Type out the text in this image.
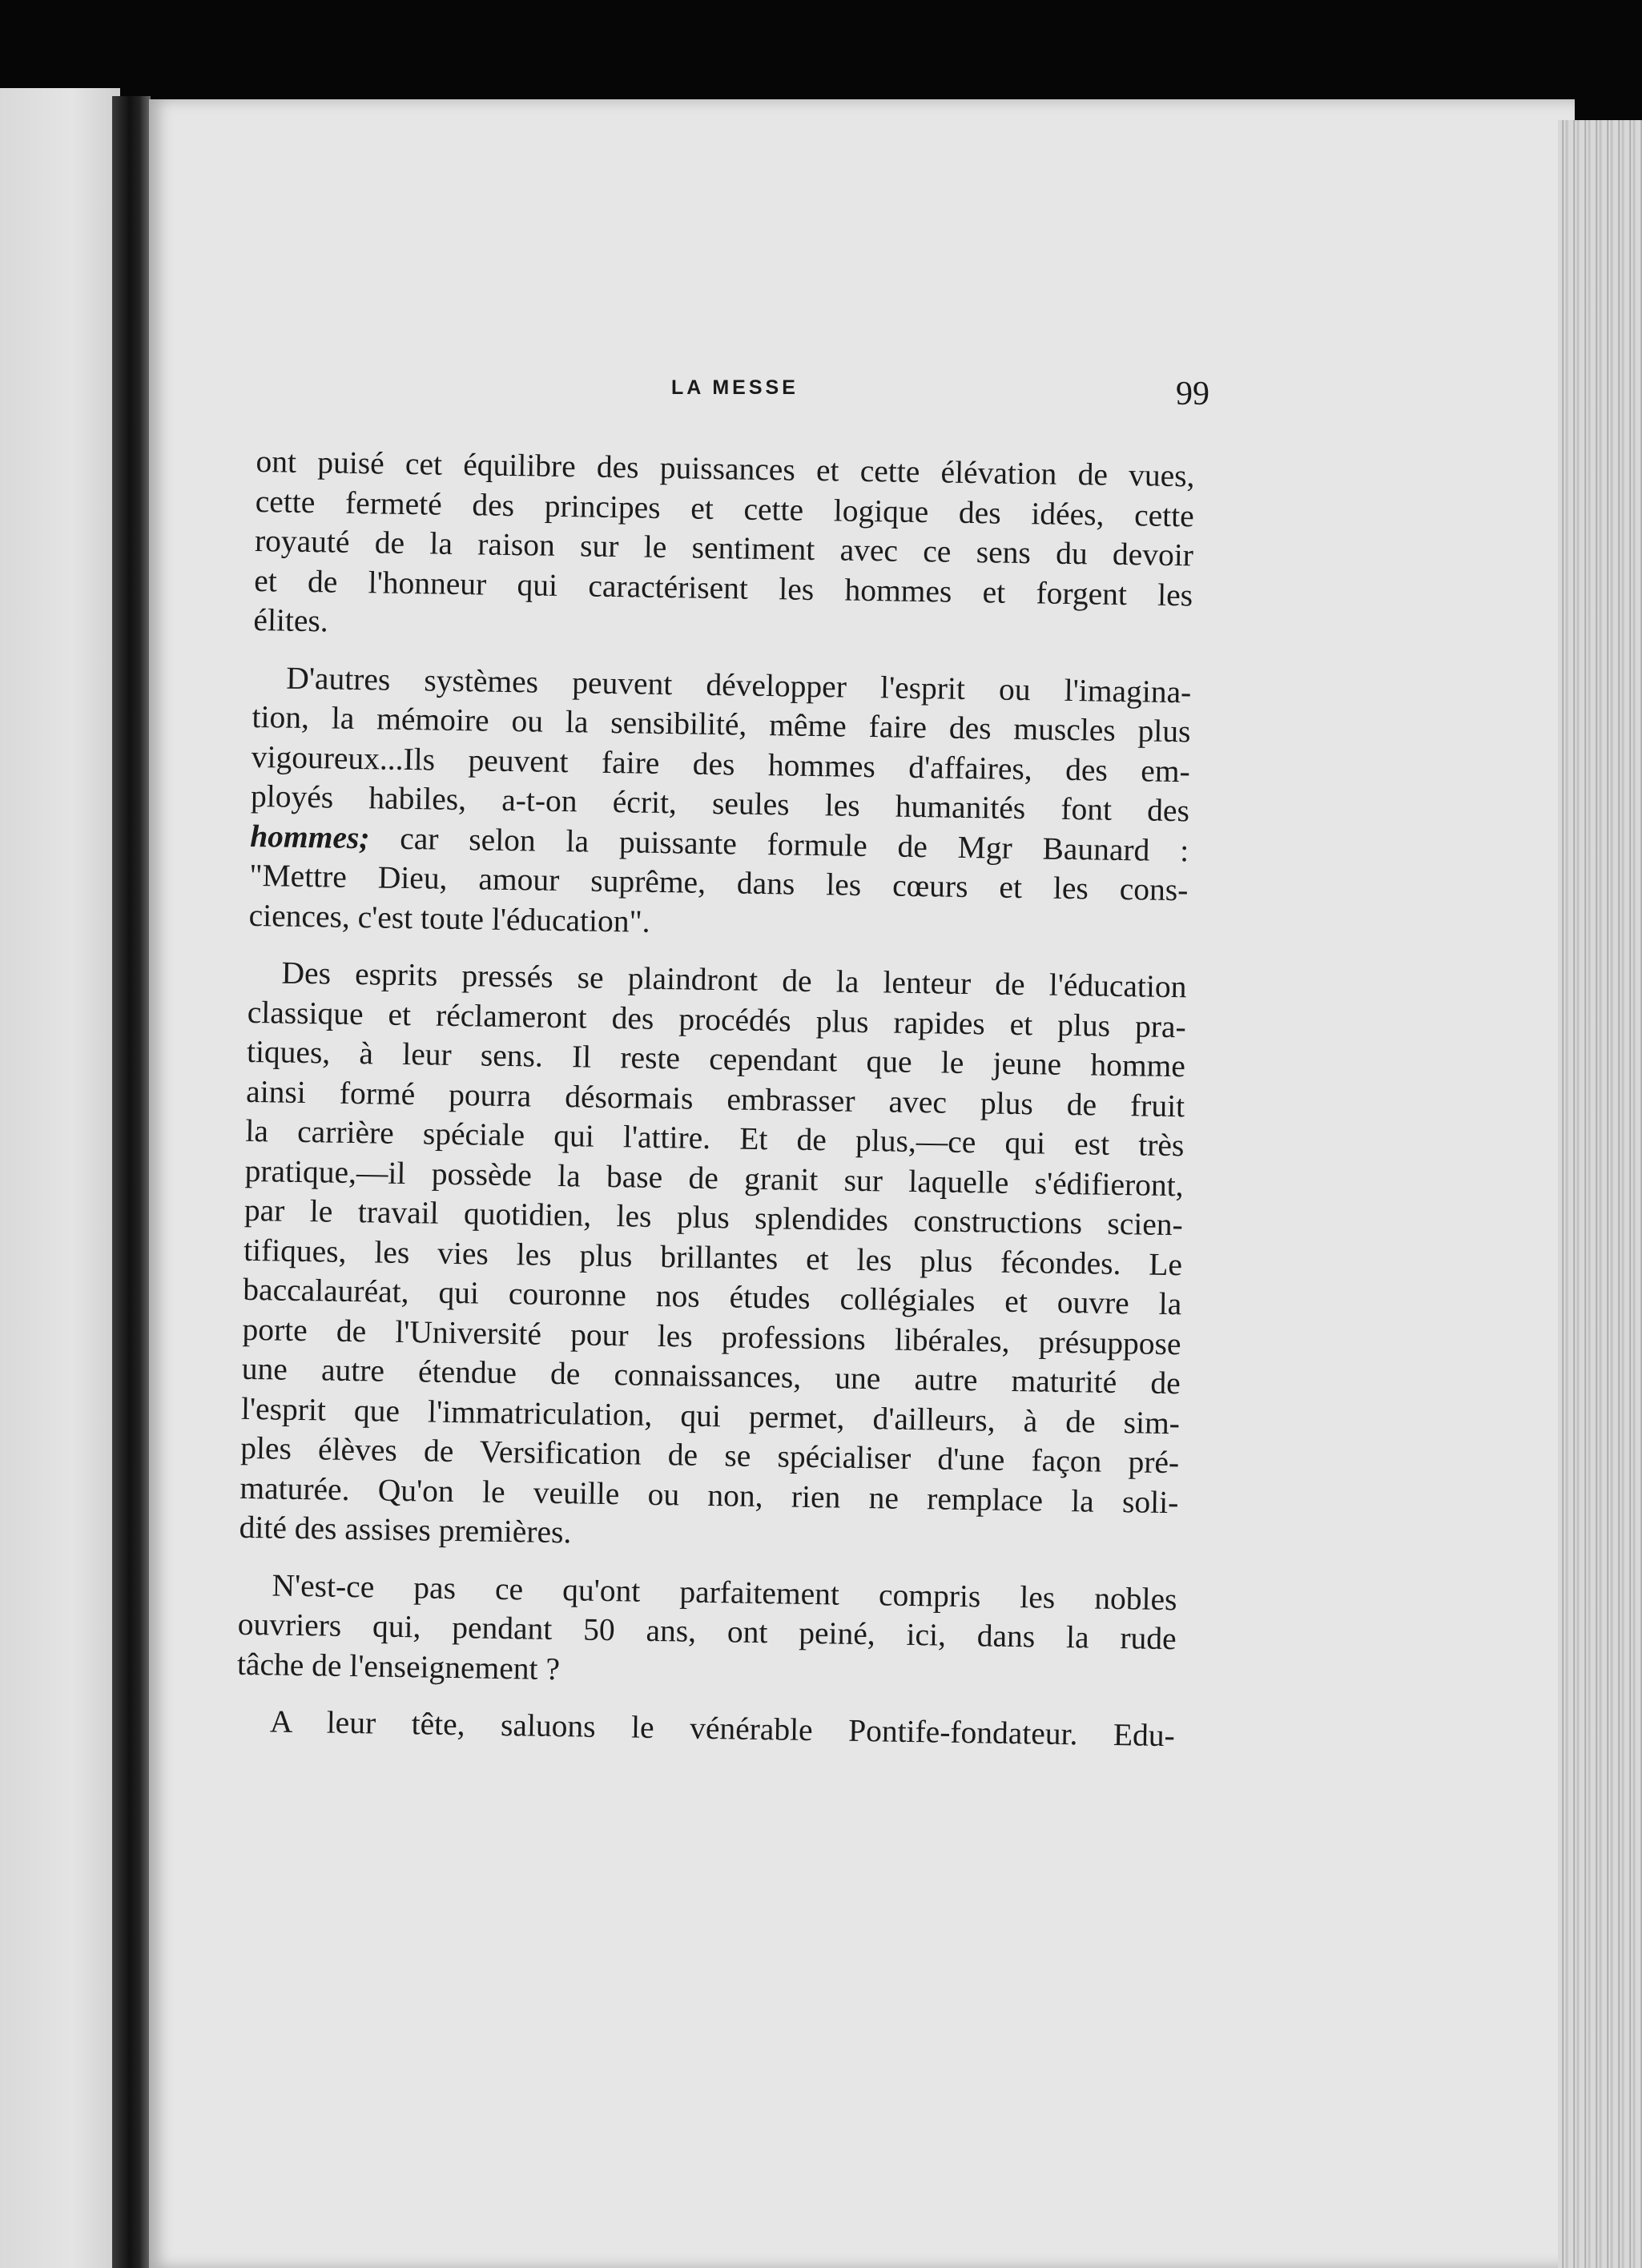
LA MESSE	99
ont puisé cet équilibre des puissances et cette élévation de vues,
cette fermeté des principes et cette logique des idées, cette
royauté de la raison sur le sentiment avec ce sens du devoir
et de l'honneur qui caractérisent les hommes et forgent les
élites.
D'autres systèmes peuvent développer l'esprit ou l'imagina-
tion, la mémoire ou la sensibilité, même faire des muscles plus
vigoureux...Ils peuvent faire des hommes d'affaires, des em-
ployés habiles, a-t-on écrit, seules les humanités font des
hommes; car selon la puissante formule de Mgr Baunard :
"Mettre Dieu, amour suprême, dans les cœurs et les cons-
ciences, c'est toute l'éducation".
Des esprits pressés se plaindront de la lenteur de l'éducation
classique et réclameront des procédés plus rapides et plus pra-
tiques, à leur sens. Il reste cependant que le jeune homme
ainsi formé pourra désormais embrasser avec plus de fruit
la carrière spéciale qui l'attire. Et de plus,—ce qui est très
pratique,—il possède la base de granit sur laquelle s'édifieront,
par le travail quotidien, les plus splendides constructions scien-
tifiques, les vies les plus brillantes et les plus fécondes. Le
baccalauréat, qui couronne nos études collégiales et ouvre la
porte de l'Université pour les professions libérales, présuppose
une autre étendue de connaissances, une autre maturité de
l'esprit que l'immatriculation, qui permet, d'ailleurs, à de sim-
ples élèves de Versification de se spécialiser d'une façon pré-
maturée. Qu'on le veuille ou non, rien ne remplace la soli-
dité des assises premières.
N'est-ce pas ce qu'ont parfaitement compris les nobles
ouvriers qui, pendant 50 ans, ont peiné, ici, dans la rude
tâche de l'enseignement ?
A leur tête, saluons le vénérable Pontife-fondateur. Edu-
